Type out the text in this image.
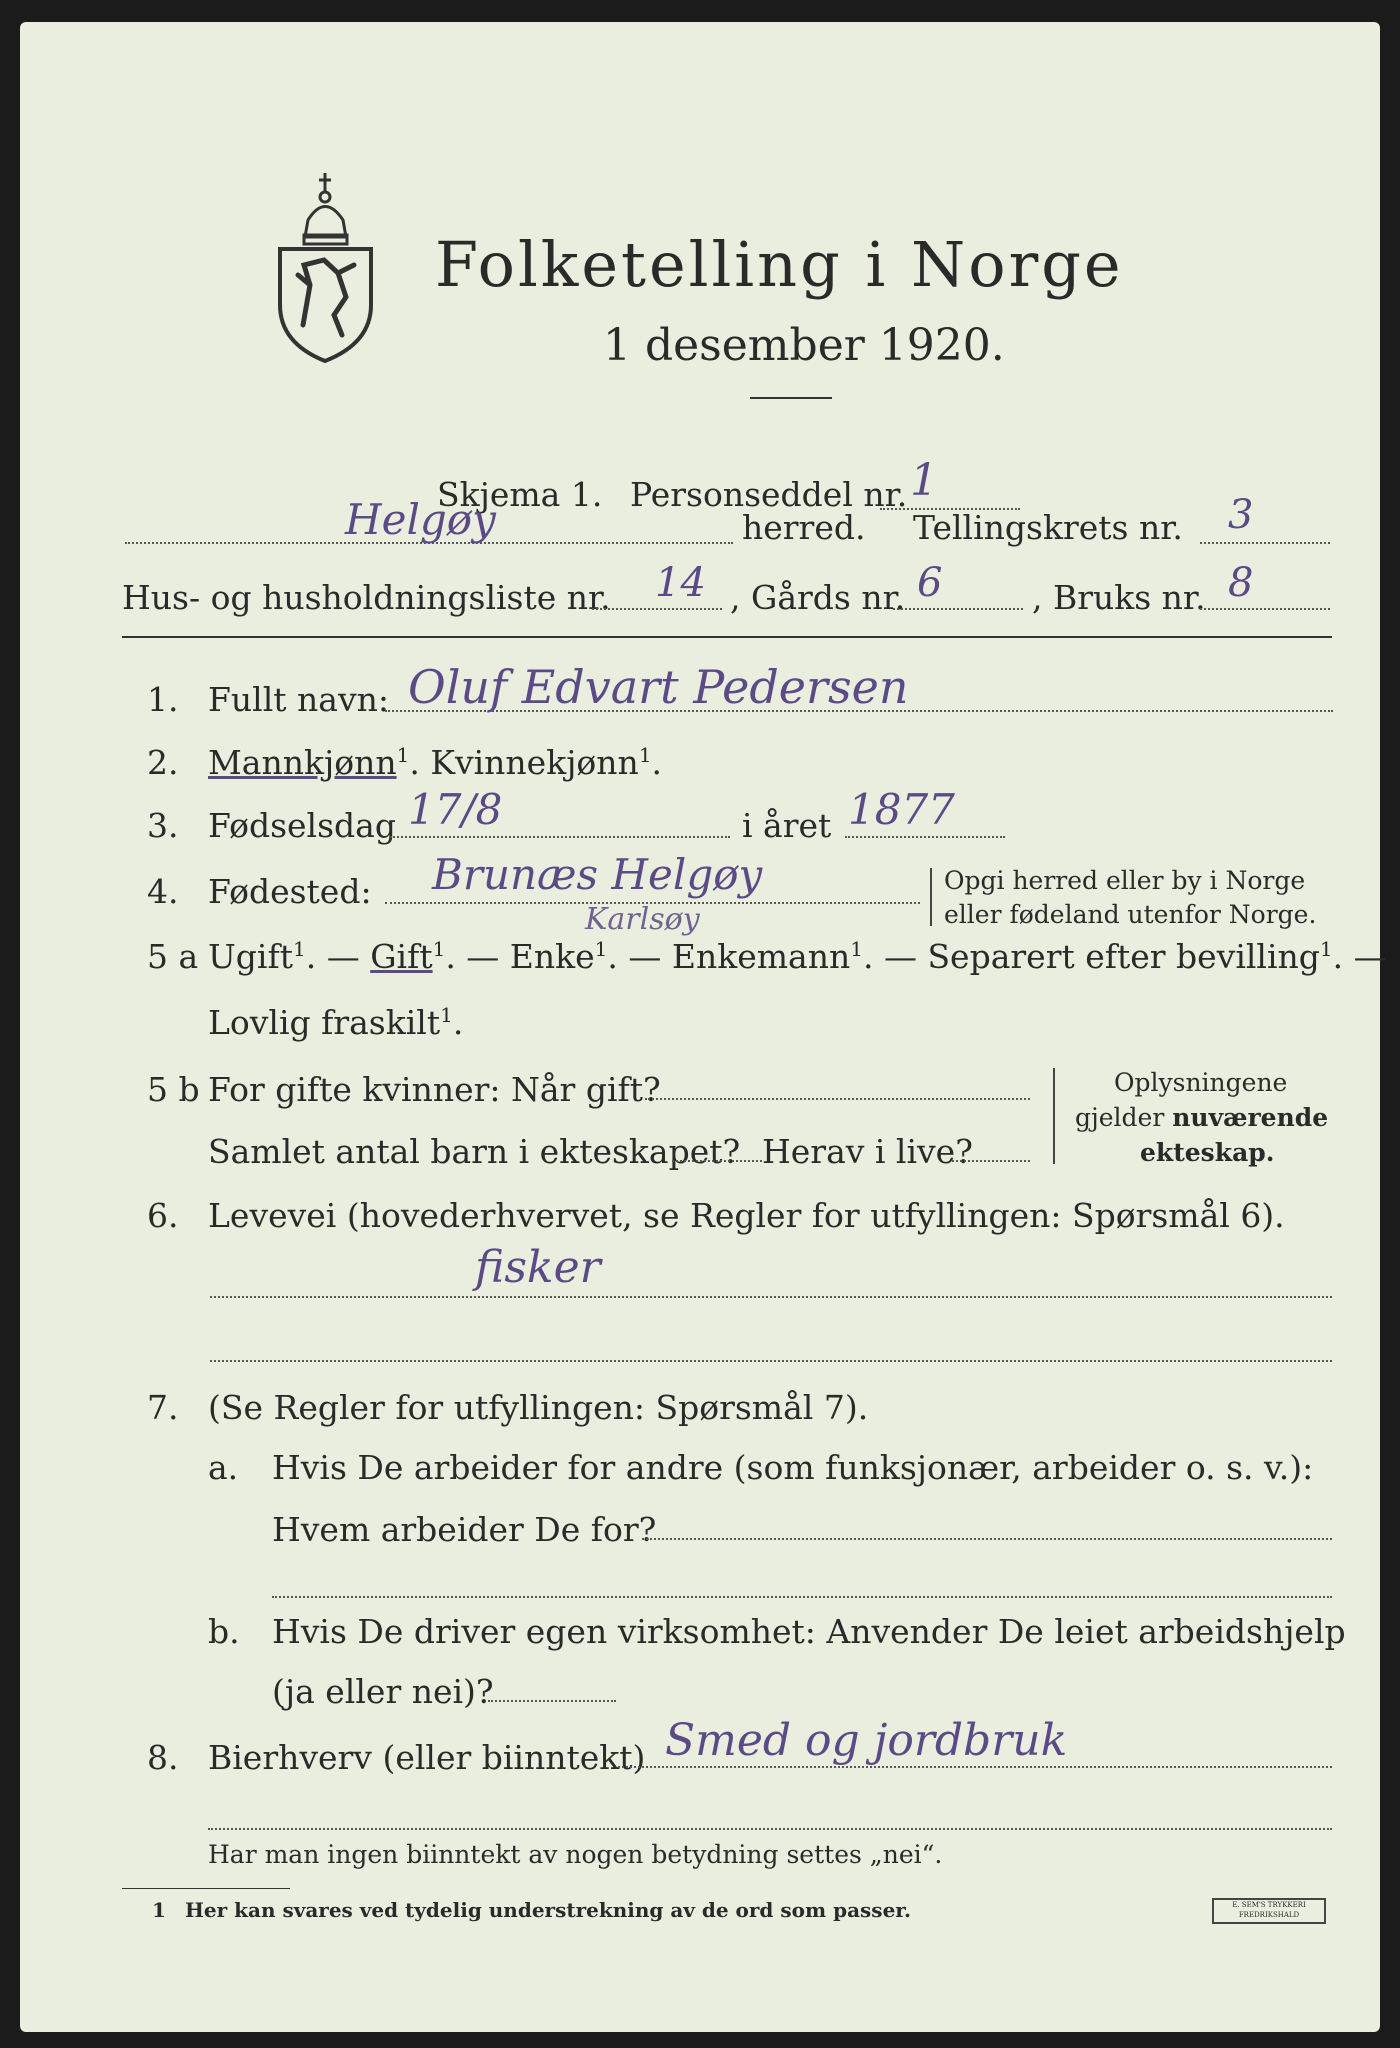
Folketelling i Norge
1 desember 1920.
Skjema 1. Personseddel nr. 1
Helgøy	herred. Tellingskrets nr. 3
Hus- og husholdningsliste nr. 14 , Gårds nr. 6	, Bruks nr. 8
1. Fullt navn: Oluf Edvart Pedersen
2. Mannkjønn$^1$. Kvinnekjønn$^1$.
3. Fødselsdag 17/8	i året 1877
4. Fødested: Brunæs Helgøy
Karlsøy
Opgi herred eller by i Norge
eller fødeland utenfor Norge.
5 a Ugift$^1$. — Gift$^1$. — Enke$^1$. — Enkemann$^1$. — Separert efter bevilling$^1$. —
Lovlig fraskilt$^1$.
5 b For gifte kvinner: Når gift?
Samlet antal barn i ekteskapet? Herav i live?
Oplysningene
gjelder nuværende
ekteskap.
6. Levevei (hovederhvervet, se Regler for utfyllingen: Spørsmål 6).
fisker
7. (Se Regler for utfyllingen: Spørsmål 7).
a. Hvis De arbeider for andre (som funksjonær, arbeider o. s. v.):
Hvem arbeider De for?
b. Hvis De driver egen virksomhet: Anvender De leiet arbeidshjelp
(ja eller nei)?
8. Bierhverv (eller biinntekt) Smed og jordbruk
Har man ingen biinntekt av nogen betydning settes „nei“.
1 Her kan svares ved tydelig understrekning av de ord som passer.	E. SEM'S TRYKKERI FREDRIKSHALD
